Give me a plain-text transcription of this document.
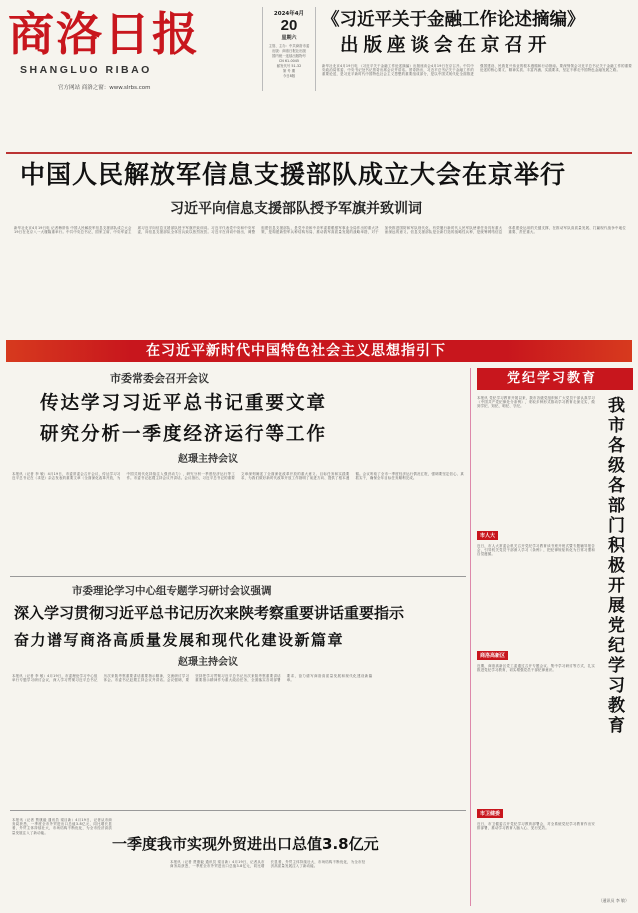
商洛日报
SHANGLUO RIBAO
官方网站 商洛之窗：www.slrbs.com
2024年4月
20
星期六
主管、主办：中共商洛市委
出版：商洛日报社出版
国内统一连续出版物号
CN 61-0045
邮发代号 51-32
第 号 期
今日8版
《习近平关于金融工作论述摘编》
出版座谈会在京召开
新华社北京4月19日电 《习近平关于金融工作论述摘编》出版座谈会4月19日在京召开。中共中央政治局常委、中央书记处书记蔡奇出席会议并讲话。蔡奇指出，习近平总书记关于金融工作的重要论述，是习近平新时代中国特色社会主义思想的重要组成部分，是以中国式现代化全面推进强国建设、民族复兴伟业的根本遵循和行动指南。要深刻领会习近平总书记关于金融工作的重要论述的核心要义、精神实质、丰富内涵、实践要求，坚定不移走中国特色金融发展之路。
中国人民解放军信息支援部队成立大会在京举行
习近平向信息支援部队授予军旗并致训词
新华社北京4月19日电 记者梅常伟 中国人民解放军信息支援部队成立大会19日在北京八一大楼隆重举行。中共中央总书记、国家主席、中央军委主席习近平向信息支援部队授予军旗并致训词。习近平代表党中央和中央军委，向信息支援部队全体官兵致以热烈祝贺。习近平在训词中指出，调整组建信息支援部队，是党中央和中央军委着眼强军事业全局作出的重大决策，是构建新型军兵种结构布局、推动我军高质量发展的战略举措，对于加快推进国防和军队现代化、有效履行新时代人民军队使命任务具有重大而深远的意义。信息支援部队是全新打造的战略性兵种，是统筹网络信息体系建设运用的关键支撑，在推动军队高质量发展、打赢现代战争中地位重要、责任重大。
在习近平新时代中国特色社会主义思想指引下
市委常委会召开会议
传达学习习近平总书记重要文章
研究分析一季度经济运行等工作
赵璟主持会议
本报讯（记者 李 敏）4月19日，市委常委会召开会议，传达学习习近平总书记在《求是》杂志发表的重要文章《全面深化改革开放，为中国式现代化持续注入强劲动力》，研究分析一季度经济运行等工作。市委书记赵璟主持会议并讲话。会议指出，习近平总书记的重要文章深刻阐述了全面深化改革开放的重大意义、目标任务和实践要求，为我们做好新时代改革开放工作指明了前进方向、提供了根本遵循。会议听取了全市一季度经济运行情况汇报，强调要坚定信心、真抓实干，确保全年目标任务顺利完成。
市委理论学习中心组专题学习研讨会议强调
深入学习贯彻习近平总书记历次来陕考察重要讲话重要指示
奋力谱写商洛高质量发展和现代化建设新篇章
赵璟主持会议
本报讯（记者 李 敏）4月19日，市委理论学习中心组举行专题学习研讨会议，深入学习贯彻习近平总书记历次来陕考察重要讲话重要指示精神，交流研讨学习体会。市委书记赵璟主持会议并讲话。会议强调，要坚持把学习贯彻习近平总书记历次来陕考察重要讲话重要指示精神作为重大政治任务，全面落实各项部署要求，奋力谱写商洛高质量发展和现代化建设新篇章。
一季度我市实现外贸进出口总值3.8亿元
本报讯（记者 贾康毅 通讯员 梁目新）4月19日，记者从市商务局获悉，一季度全市外贸进出口总值3.8亿元，同比增长显著，外贸主体持续壮大，市场结构不断优化，为全市经济高质量发展注入了新动能。
本报讯（记者 贾康毅 通讯员 梁目新）4月19日，记者从市商务局获悉，一季度全市外贸进出口总值3.8亿元，同比增长显著，外贸主体持续壮大，市场结构不断优化，为全市经济高质量发展注入了新动能。
党纪学习教育
本报讯 党纪学习教育开展以来，我市各级党组织和广大党员干部认真学习《中国共产党纪律处分条例》，采取多种形式推动学习教育走深走实，做到学纪、知纪、明纪、守纪。	我市各级各部门积极开展党纪学习教育
市人大
近日，市人大常委会机关召开党纪学习教育读书班开班式暨专题辅导报告会，引导机关党员干部深入学习《条例》，把纪律规矩转化为日常习惯和自觉遵循。
商洛高新区
近期，商洛高新区党工委通过召开专题会议、集中学习研讨等方式，扎实推进党纪学习教育，切实增强党员干部纪律意识。
市卫健委
近日，市卫健委召开党纪学习教育部署会，对全系统党纪学习教育作出安排部署，推动学习教育入脑入心、见行见效。
（通讯员 李 敏）
